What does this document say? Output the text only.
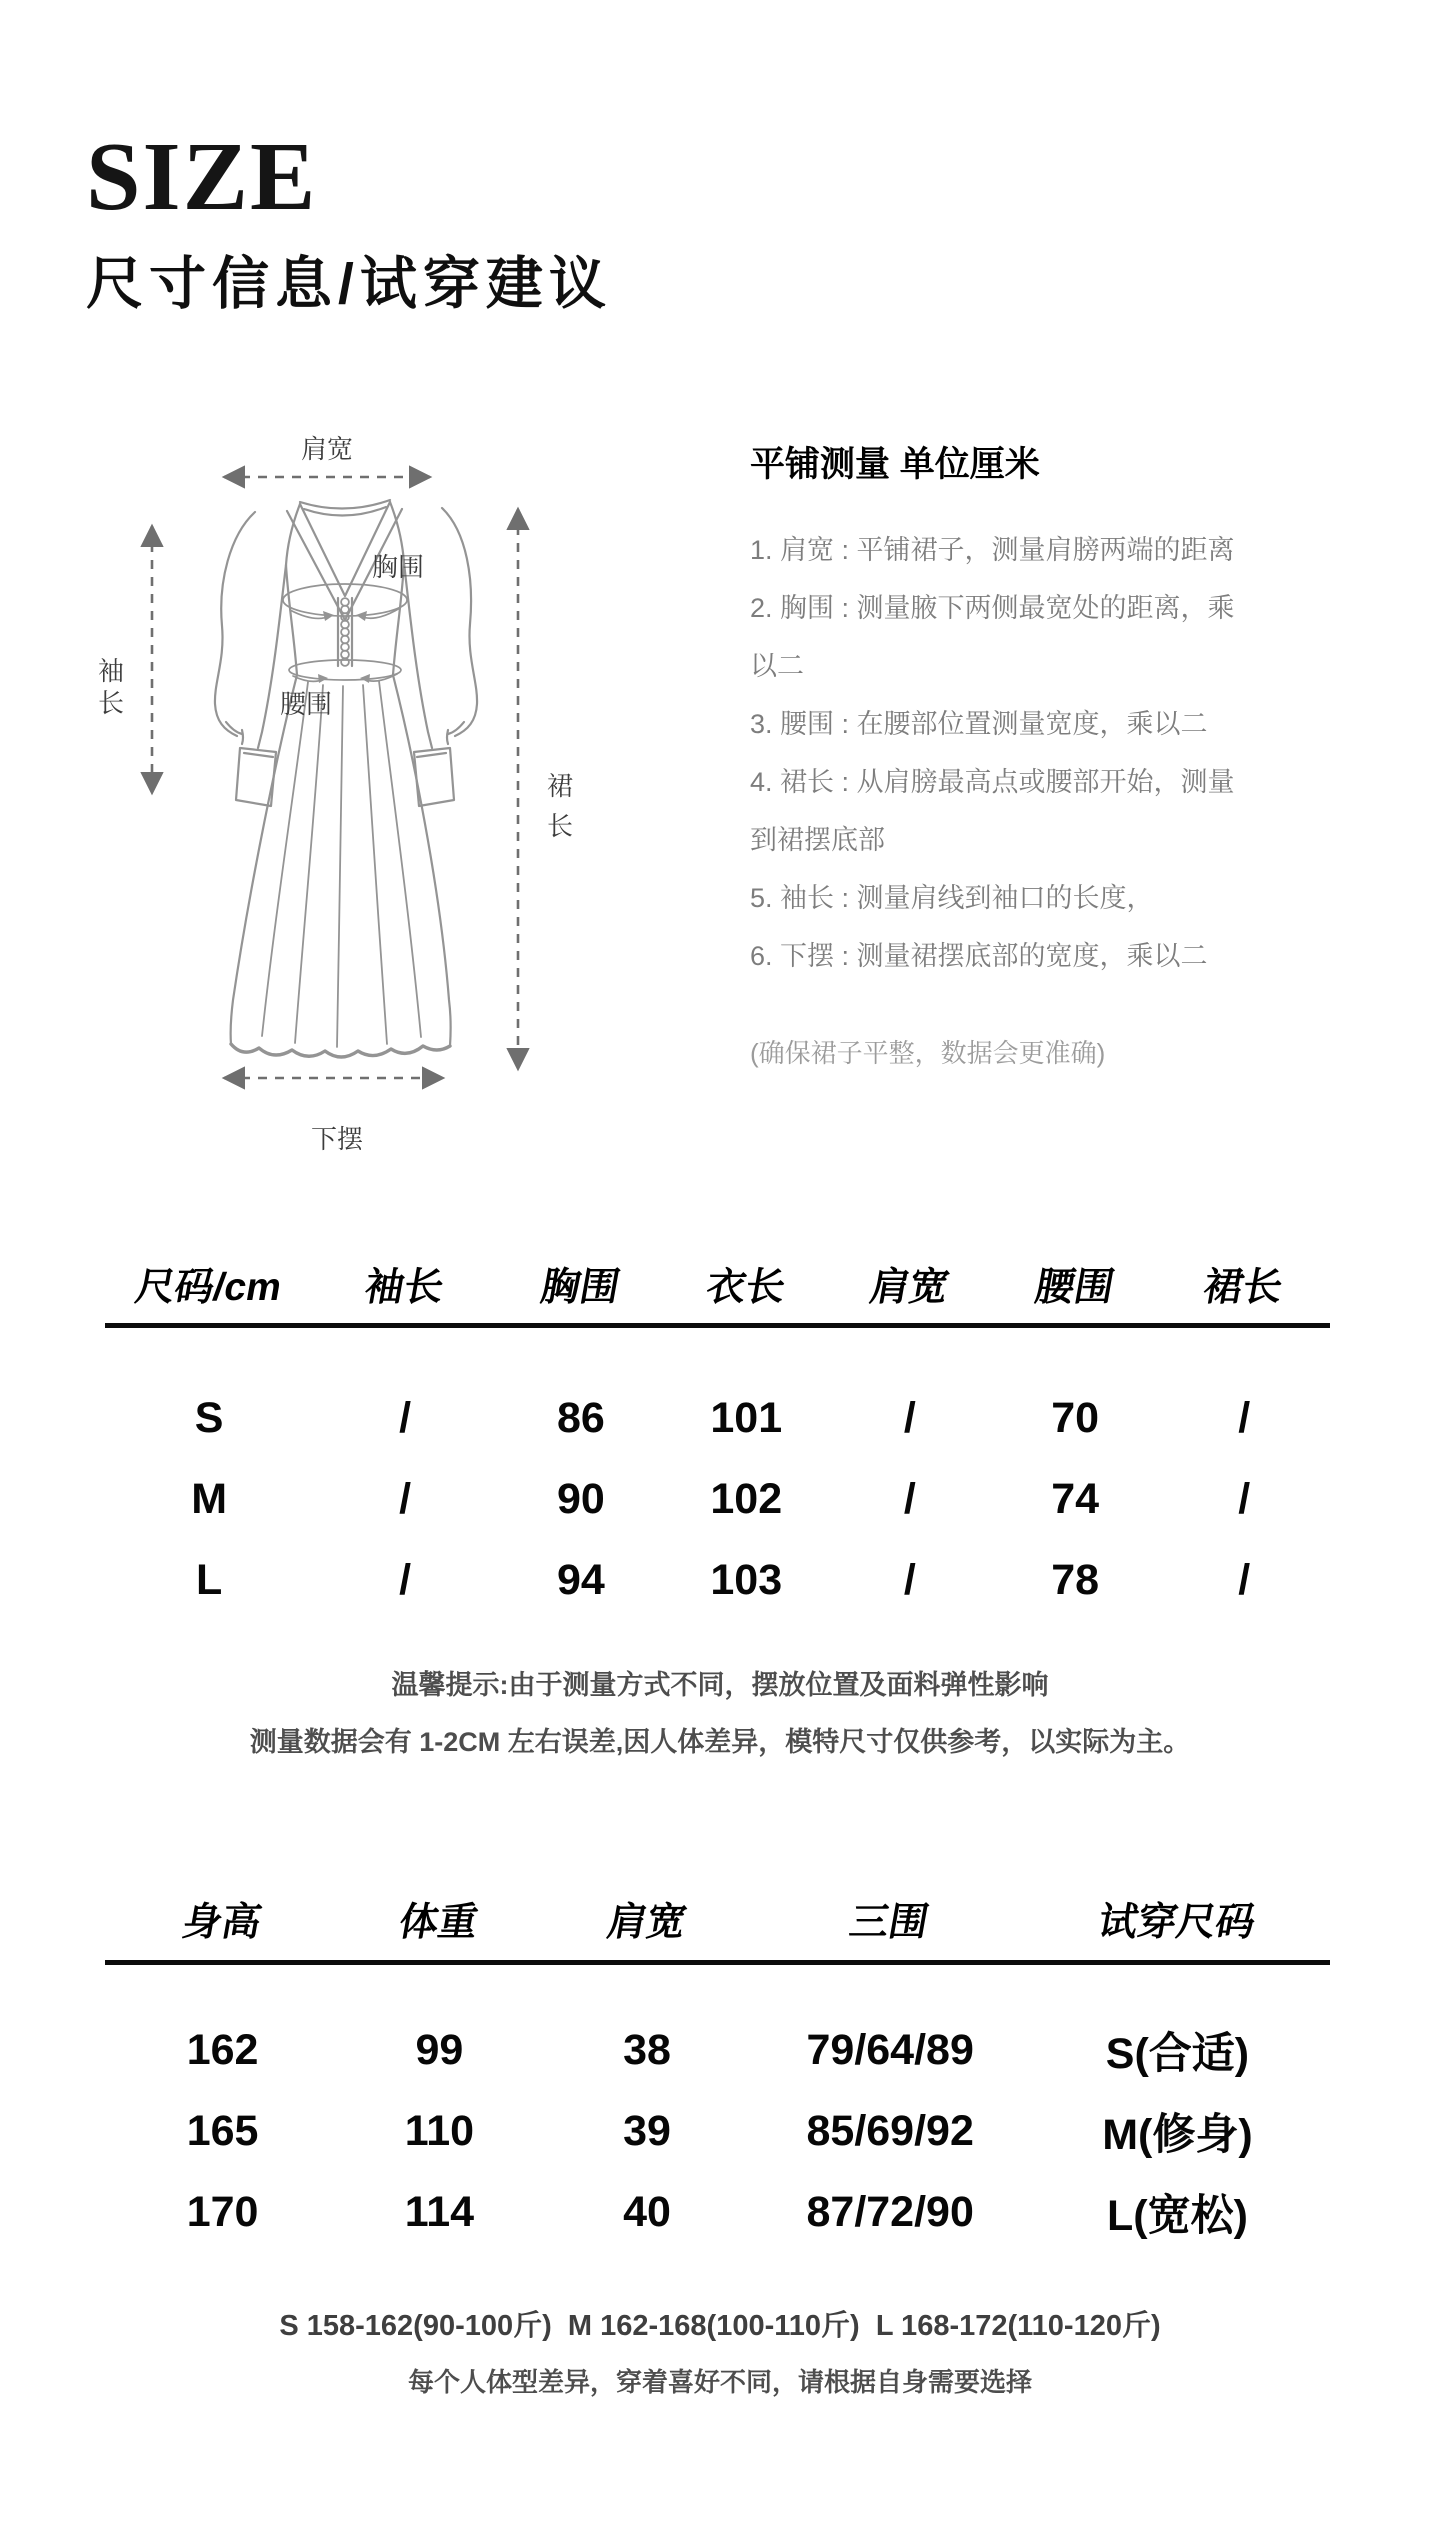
SIZE
尺寸信息/试穿建议
肩宽
袖
长
胸围
腰围
裙
长
下摆
平铺测量 单位厘米
1. 肩宽 : 平铺裙子，测量肩膀两端的距离
2. 胸围 : 测量腋下两侧最宽处的距离，乘
以二
3. 腰围 : 在腰部位置测量宽度，乘以二
4. 裙长 : 从肩膀最高点或腰部开始，测量
到裙摆底部
5. 袖长 : 测量肩线到袖口的长度，
6. 下摆 : 测量裙摆底部的宽度，乘以二
(确保裙子平整，数据会更准确)
尺码/cm	袖长	胸围	衣长	肩宽	腰围	裙长
S	/	86	101	/	70	/
M	/	90	102	/	74	/
L	/	94	103	/	78	/
温馨提示:由于测量方式不同，摆放位置及面料弹性影响
测量数据会有 1-2CM 左右误差,因人体差异，模特尺寸仅供参考，以实际为主。
身高	体重	肩宽	三围	试穿尺码
162	99	38	79/64/89	S(合适)
165	110	39	85/69/92	M(修身)
170	114	40	87/72/90	L(宽松)
S 158-162(90-100斤)  M 162-168(100-110斤)  L 168-172(110-120斤)
每个人体型差异，穿着喜好不同，请根据自身需要选择
